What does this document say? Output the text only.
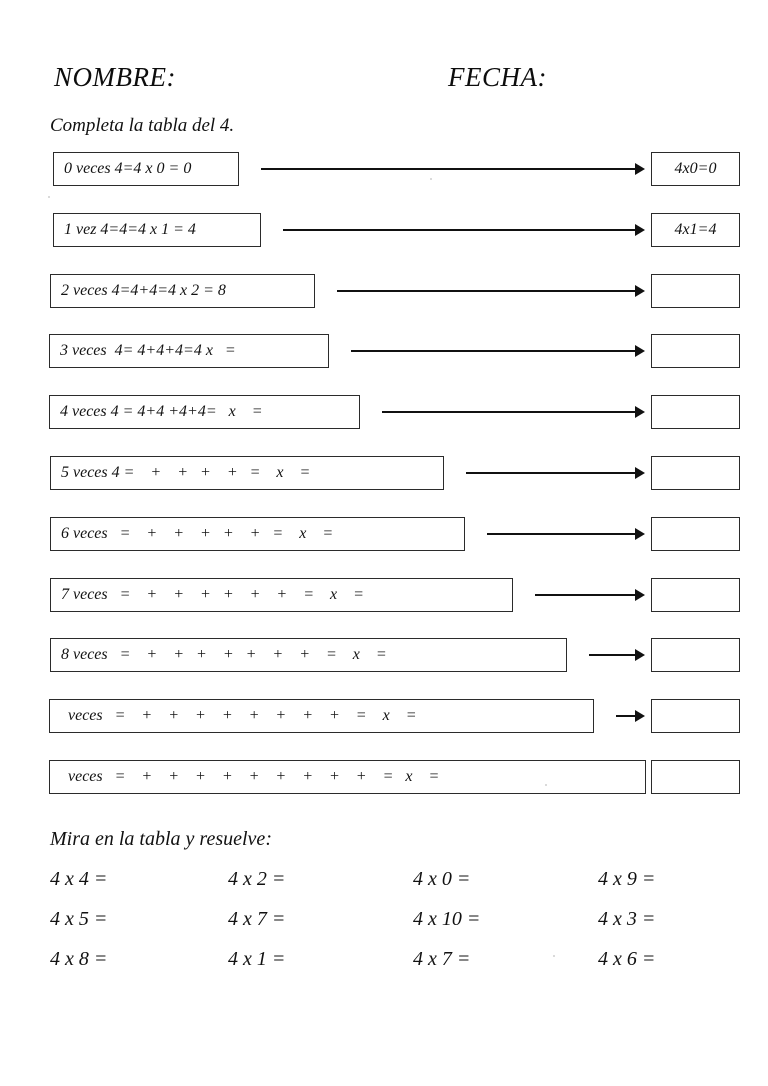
NOMBRE:	FECHA:
Completa la tabla del 4.
0 veces 4=4 x 0 = 0	4x0=0
1 vez 4=4=4 x 1 = 4	4x1=4
2 veces 4=4+4=4 x 2 = 8
3 veces  4= 4+4+4=4 x   =
4 veces 4 = 4+4 +4+4=   x    =
5 veces 4 =    +    +   +    +   =    x    =
6 veces   =    +    +    +   +    +   =    x    =
7 veces   =    +    +    +   +    +    +    =    x    =
8 veces   =    +    +   +    +   +    +    +    =    x    =
veces   =    +    +    +    +    +    +    +    +    =    x    =
veces   =    +    +    +    +    +    +    +    +    +    =   x    =
Mira en la tabla y resuelve:
4 x 4 =	4 x 2 =	4 x 0 =	4 x 9 =
4 x 5 =	4 x 7 =	4 x 10 =	4 x 3 =
4 x 8 =	4 x 1 =	4 x 7 =	4 x 6 =
